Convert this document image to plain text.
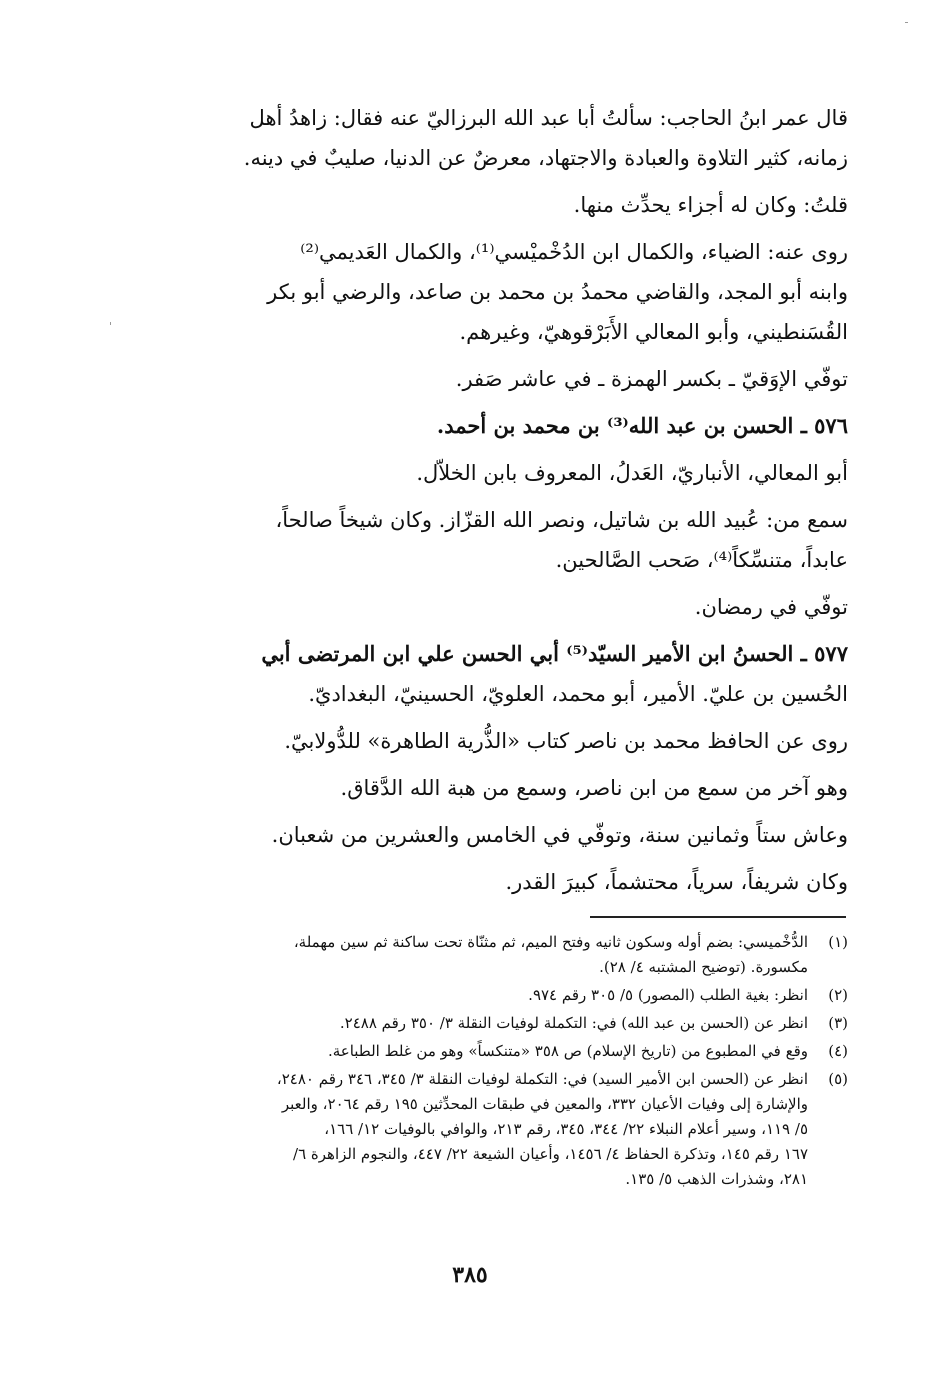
قال عمر ابنُ الحاجب: سألتُ أبا عبد الله البرزاليّ عنه فقال: زاهدُ أهل

زمانه، كثير التلاوة والعبادة والاجتهاد، معرضٌ عن الدنيا، صليبٌ في دينه.

قلتُ: وكان له أجزاء يحدِّث منها.

روى عنه: الضياء، والكمال ابن الدُخْميْسي⁽¹⁾، والكمال العَديمي⁽²⁾

وابنه أبو المجد، والقاضي محمدُ بن محمد بن صاعد، والرضي أبو بكر

القُسَنطيني، وأبو المعالي الأَبَرْقوهيّ، وغيرهم.

توفّي الإوَقيّ ـ بكسر الهمزة ـ في عاشر صَفر.

٥٧٦ ـ الحسن بن عبد الله⁽³⁾ بن محمد بن أحمد.

أبو المعالي، الأنباريّ، العَدلُ، المعروف بابن الخلاّل.

سمع من: عُبيد الله بن شاتيل، ونصر الله القزّاز. وكان شيخاً صالحاً،

عابداً، متنسِّكاً⁽⁴⁾، صَحب الصَّالحين.

توفّي في رمضان.

٥٧٧ ـ الحسنُ ابن الأمير السيّد⁽⁵⁾ أبي الحسن علي ابن المرتضى أبي

الحُسين بن عليّ. الأمير، أبو محمد، العلويّ، الحسينيّ، البغداديّ.

روى عن الحافظ محمد بن ناصر كتاب «الذُّرية الطاهرة» للدُّولابيّ.

وهو آخر من سمع من ابن ناصر، وسمع من هبة الله الدَّقاق.

وعاش ستاً وثمانين سنة، وتوفّي في الخامس والعشرين من شعبان.

وكان شريفاً، سرياً، محتشماً، كبيرَ القدر.

(١)
الدُّخْميسي: بضم أوله وسكون ثانيه وفتح الميم، ثم مثنّاة تحت ساكنة ثم سين مهملة،
مكسورة. (توضيح المشتبه ٤/ ٢٨).
(٢)
انظر: بغية الطلب (المصور) ٥/ ٣٠٥ رقم ٩٧٤.
(٣)
انظر عن (الحسن بن عبد الله) في: التكملة لوفيات النقلة ٣/ ٣٥٠ رقم ٢٤٨٨.
(٤)
وقع في المطبوع من (تاريخ الإسلام) ص ٣٥٨ «متنكساً» وهو من غلط الطباعة.
(٥)
انظر عن (الحسن ابن الأمير السيد) في: التكملة لوفيات النقلة ٣/ ٣٤٥، ٣٤٦ رقم ٢٤٨٠،
والإشارة إلى وفيات الأعيان ٣٣٢، والمعين في طبقات المحدِّثين ١٩٥ رقم ٢٠٦٤، والعبر
٥/ ١١٩، وسير أعلام النبلاء ٢٢/ ٣٤٤، ٣٤٥، رقم ٢١٣، والوافي بالوفيات ١٢/ ١٦٦،
١٦٧ رقم ١٤٥، وتذكرة الحفاظ ٤/ ١٤٥٦، وأعيان الشيعة ٢٢/ ٤٤٧، والنجوم الزاهرة ٦/
٢٨١، وشذرات الذهب ٥/ ١٣٥.
٣٨٥
